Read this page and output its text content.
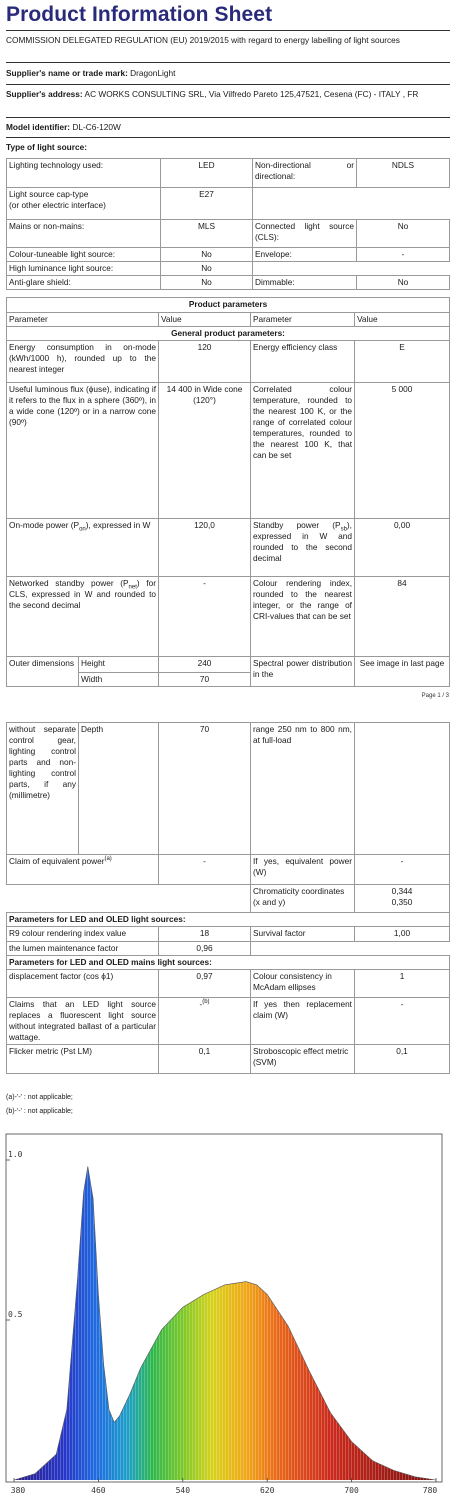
Product Information Sheet
COMMISSION DELEGATED REGULATION (EU) 2019/2015 with regard to energy labelling of light sources
Supplier's name or trade mark: DragonLight
Supplier's address: AC WORKS CONSULTING SRL, Via Vilfredo Pareto 125,47521, Cesena (FC) - ITALY , FR
Model identifier: DL-C6-120W
Type of light source:
Lighting technology used:	LED	Non-directional or directional:	NDLS
Light source cap-type
(or other electric interface)	E27		
Mains or non-mains:	MLS	Connected light source (CLS):	No
Colour-tuneable light source:	No	Envelope:	-
High luminance light source:	No		
Anti-glare shield:	No	Dimmable:	No
Product parameters				
Parameter		Value	Parameter	Value
General product parameters:				
Energy consumption in on-mode (kWh/1000 h), rounded up to the nearest integer		120	Energy efficiency class	E
Useful luminous flux (ϕuse), indicating if it refers to the flux in a sphere (360º), in a wide cone (120º) or in a narrow cone (90º)		14 400 in Wide cone (120°)	Correlated colour temperature, rounded to the nearest 100 K, or the range of correlated colour temperatures, rounded to the nearest 100 K, that can be set	5 000
On-mode power $(P_{on})$, expressed in W		120,0	Standby power $(P_{sb})$, expressed in W and rounded to the second decimal	0,00
Networked standby power $(P_{net})$ for CLS, expressed in W and rounded to the second decimal		-	Colour rendering index, rounded to the nearest integer, or the range of CRI-values that can be set	84
Outer dimensions	Height	240	Spectral power distribution in the	See image in last page
	Width	70		
Page 1 / 3
without separate control gear, lighting control parts and non-lighting control parts, if any (millimetre)	Depth	70	range 250 nm to 800 nm, at full-load	
Claim of equivalent power$^{(a)}$		-	If yes, equivalent power (W)	-
			Chromaticity coordinates (x and y)	0,344
0,350
Parameters for LED and OLED light sources:				
R9 colour rendering index value		18	Survival factor	1,00
the lumen maintenance factor		0,96		
Parameters for LED and OLED mains light sources:				
displacement factor (cos ϕ1)		0,97	Colour consistency in McAdam ellipses	1
Claims that an LED light source replaces a fluorescent light source without integrated ballast of a particular wattage.		-$^{(b)}$	If yes then replacement claim (W)	-
Flicker metric (Pst LM)		0,1	Stroboscopic effect metric (SVM)	0,1
(a)-'-' : not applicable;
(b)-'-' : not applicable;
380	460	540	620	700	780
1.0
0.5
